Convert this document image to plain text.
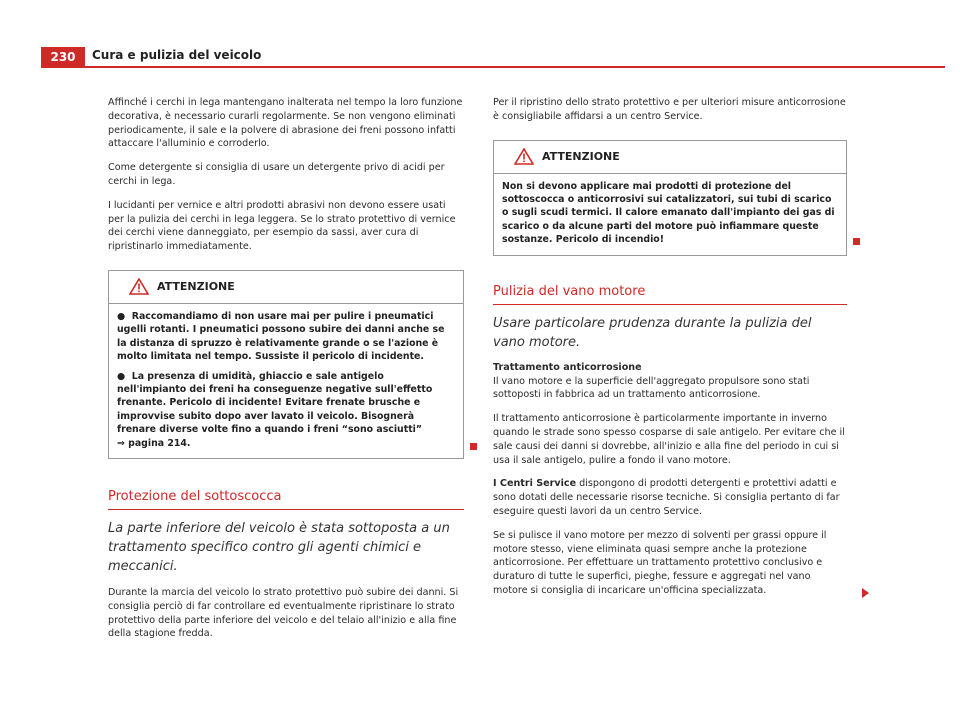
230	Cura e pulizia del veicolo

Affinché i cerchi in lega mantengano inalterata nel tempo la loro funzione decorativa, è necessario curarli regolarmente. Se non vengono eliminati periodicamente, il sale e la polvere di abrasione dei freni possono infatti attaccare l'alluminio e corroderlo.

Come detergente si consiglia di usare un detergente privo di acidi per cerchi in lega.

I lucidanti per vernice e altri prodotti abrasivi non devono essere usati per la pulizia dei cerchi in lega leggera. Se lo strato protettivo di vernice dei cerchi viene danneggiato, per esempio da sassi, aver cura di ripristinarlo immediatamente.

ATTENZIONE
●  Raccomandiamo di non usare mai per pulire i pneumatici ugelli rotanti. I pneumatici possono subire dei danni anche se la distanza di spruzzo è relativamente grande o se l'azione è molto limitata nel tempo. Sussiste il pericolo di incidente.
●  La presenza di umidità, ghiaccio e sale antigelo nell'impianto dei freni ha conseguenze negative sull'effetto frenante. Pericolo di incidente! Evitare frenate brusche e improvvise subito dopo aver lavato il veicolo. Bisognerà frenare diverse volte fino a quando i freni “sono asciutti”
⇒ pagina 214.
Protezione del sottoscocca
La parte inferiore del veicolo è stata sottoposta a un trattamento specifico contro gli agenti chimici e meccanici.

Durante la marcia del veicolo lo strato protettivo può subire dei danni. Si consiglia perciò di far controllare ed eventualmente ripristinare lo strato protettivo della parte inferiore del veicolo e del telaio all'inizio e alla fine della stagione fredda.

Per il ripristino dello strato protettivo e per ulteriori misure anticorrosione è consigliabile affidarsi a un centro Service.

ATTENZIONE
Non si devono applicare mai prodotti di protezione del sottoscocca o anticorrosivi sui catalizzatori, sui tubi di scarico o sugli scudi termici. Il calore emanato dall'impianto dei gas di scarico o da alcune parti del motore può infiammare queste sostanze. Pericolo di incendio!
Pulizia del vano motore
Usare particolare prudenza durante la pulizia del vano motore.
Trattamento anticorrosione

Il vano motore e la superficie dell'aggregato propulsore sono stati sottoposti in fabbrica ad un trattamento anticorrosione.

Il trattamento anticorrosione è particolarmente importante in inverno quando le strade sono spesso cosparse di sale antigelo. Per evitare che il sale causi dei danni si dovrebbe, all'inizio e alla fine del periodo in cui si usa il sale antigelo, pulire a fondo il vano motore.

I Centri Service dispongono di prodotti detergenti e protettivi adatti e sono dotati delle necessarie risorse tecniche. Si consiglia pertanto di far eseguire questi lavori da un centro Service.

Se si pulisce il vano motore per mezzo di solventi per grassi oppure il motore stesso, viene eliminata quasi sempre anche la protezione anticorrosione. Per effettuare un trattamento protettivo conclusivo e duraturo di tutte le superfici, pieghe, fessure e aggregati nel vano motore si consiglia di incaricare un'officina specializzata.
